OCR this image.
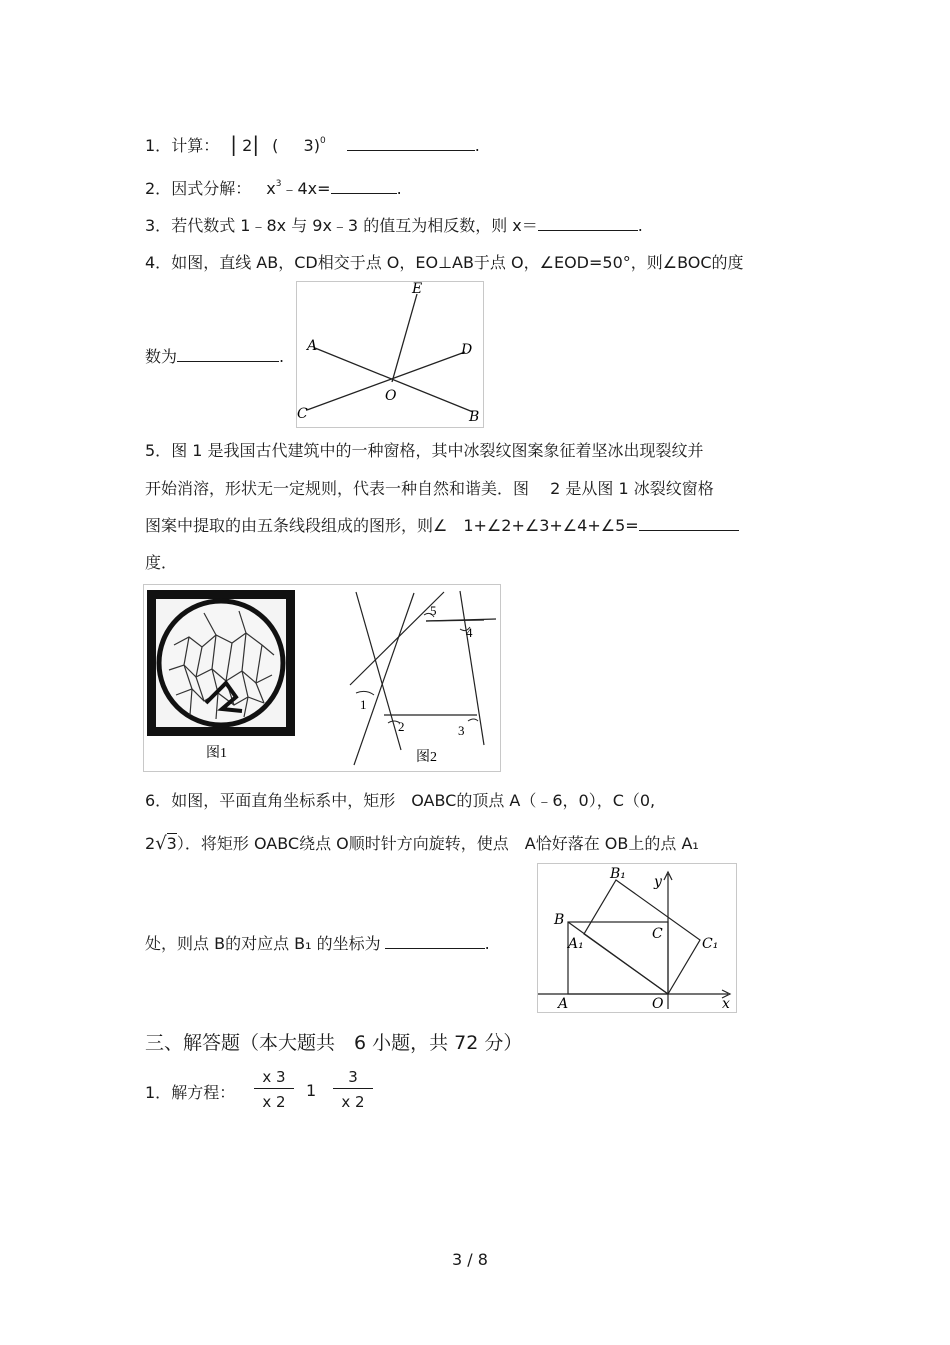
1．计算： | 2| ( 3)$^0$	.
2．因式分解： $x^3﹣4x=$	.
3．若代数式 1﹣8x 与 9x﹣3 的值互为相反数，则 x＝	.
4．如图，直线 AB，CD相交于点 O，EO⊥AB于点 O，∠EOD=50°，则∠BOC的度
数为	.
A
B
C
D
E
O
5．图 1 是我国古代建筑中的一种窗格，其中冰裂纹图案象征着坚冰出现裂纹并
开始消溶，形状无一定规则，代表一种自然和谐美．图　 2 是从图 1 冰裂纹窗格
图案中提取的由五条线段组成的图形，则∠　1+∠2+∠3+∠4+∠5=
度．
图1
1
2	3
4
5
图2
6．如图，平面直角坐标系中，矩形　OABC的顶点 A（﹣6，0），C（0,
2√3）．将矩形 OABC绕点 O顺时针方向旋转，使点　A恰好落在 OB上的点 A₁
处，则点 B的对应点 B₁ 的坐标为	.
B₁ y
B
A₁
C
C₁
A	O	x
三、解答题（本大题共　6 小题，共 72 分）
1．解方程： $\frac{x 3}{x 2} 1 \frac{3}{x 2}$
3 / 8
